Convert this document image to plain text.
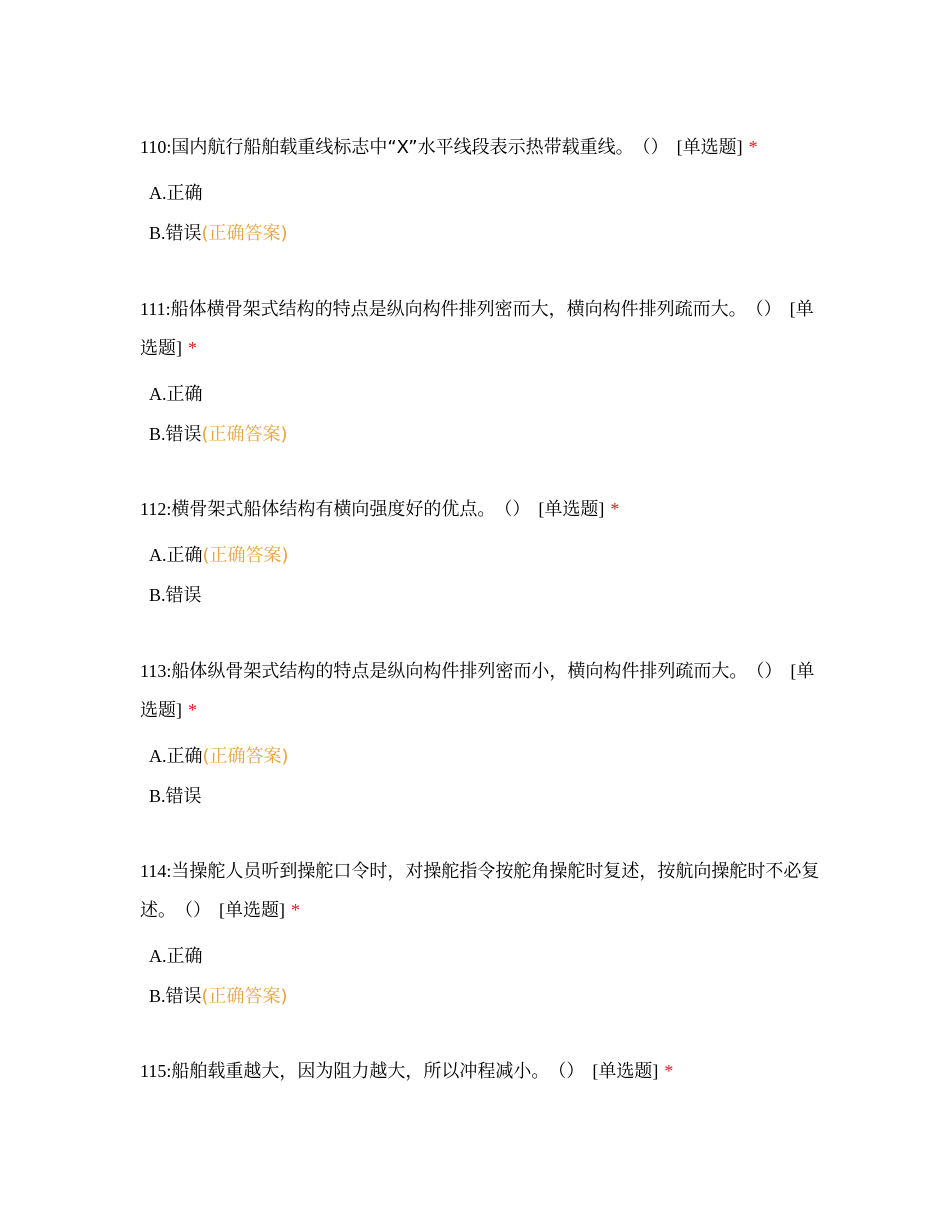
110:国内航行船舶载重线标志中“X”水平线段表示热带载重线。 （） [单选题] *

A.正确
B.错误(正确答案)

111:船体横骨架式结构的特点是纵向构件排列密而大，横向构件排列疏而大。 （） [单选题] *

A.正确
B.错误(正确答案)

112:横骨架式船体结构有横向强度好的优点。 （） [单选题] *

A.正确(正确答案)
B.错误

113:船体纵骨架式结构的特点是纵向构件排列密而小，横向构件排列疏而大。 （） [单选题] *

A.正确(正确答案)
B.错误

114:当操舵人员听到操舵口令时，对操舵指令按舵角操舵时复述，按航向操舵时不必复述。 （） [单选题] *

A.正确
B.错误(正确答案)

115:船舶载重越大，因为阻力越大，所以冲程减小。 （） [单选题] *
